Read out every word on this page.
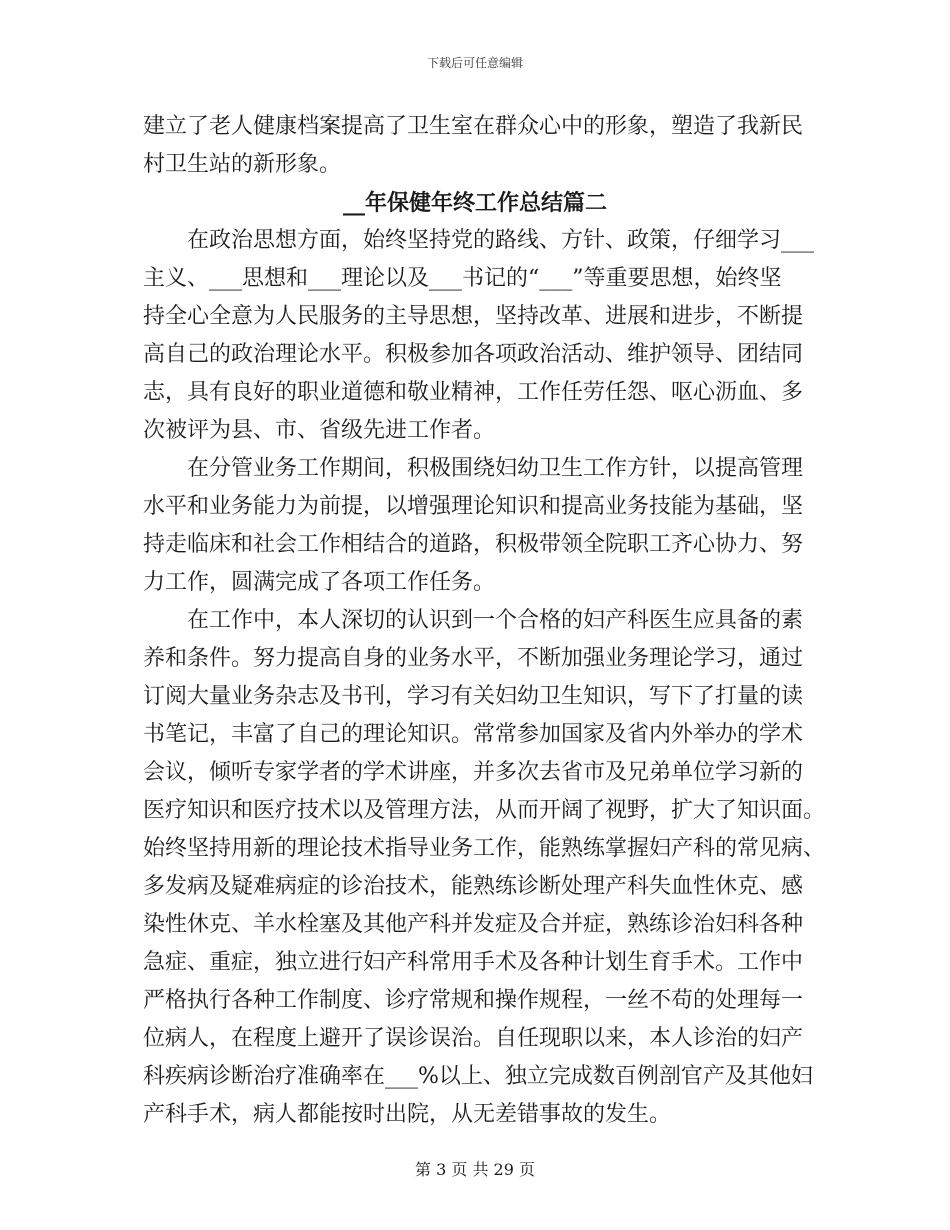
下载后可任意编辑
建立了老人健康档案提高了卫生室在群众心中的形象，塑造了我新民
村卫生站的新形象。
__年保健年终工作总结篇二
在政治思想方面，始终坚持党的路线、方针、政策，仔细学习___
主义、___思想和___理论以及___书记的“___”等重要思想，始终坚
持全心全意为人民服务的主导思想，坚持改革、进展和进步，不断提
高自己的政治理论水平。积极参加各项政治活动、维护领导、团结同
志，具有良好的职业道德和敬业精神，工作任劳任怨、呕心沥血、多
次被评为县、市、省级先进工作者。
在分管业务工作期间，积极围绕妇幼卫生工作方针，以提高管理
水平和业务能力为前提，以增强理论知识和提高业务技能为基础，坚
持走临床和社会工作相结合的道路，积极带领全院职工齐心协力、努
力工作，圆满完成了各项工作任务。
在工作中，本人深切的认识到一个合格的妇产科医生应具备的素
养和条件。努力提高自身的业务水平，不断加强业务理论学习，通过
订阅大量业务杂志及书刊，学习有关妇幼卫生知识，写下了打量的读
书笔记，丰富了自己的理论知识。常常参加国家及省内外举办的学术
会议，倾听专家学者的学术讲座，并多次去省市及兄弟单位学习新的
医疗知识和医疗技术以及管理方法，从而开阔了视野，扩大了知识面。
始终坚持用新的理论技术指导业务工作，能熟练掌握妇产科的常见病、
多发病及疑难病症的诊治技术，能熟练诊断处理产科失血性休克、感
染性休克、羊水栓塞及其他产科并发症及合并症，熟练诊治妇科各种
急症、重症，独立进行妇产科常用手术及各种计划生育手术。工作中
严格执行各种工作制度、诊疗常规和操作规程，一丝不苟的处理每一
位病人，在程度上避开了误诊误治。自任现职以来，本人诊治的妇产
科疾病诊断治疗准确率在___%以上、独立完成数百例剖官产及其他妇
产科手术，病人都能按时出院，从无差错事故的发生。
第 3 页 共 29 页
